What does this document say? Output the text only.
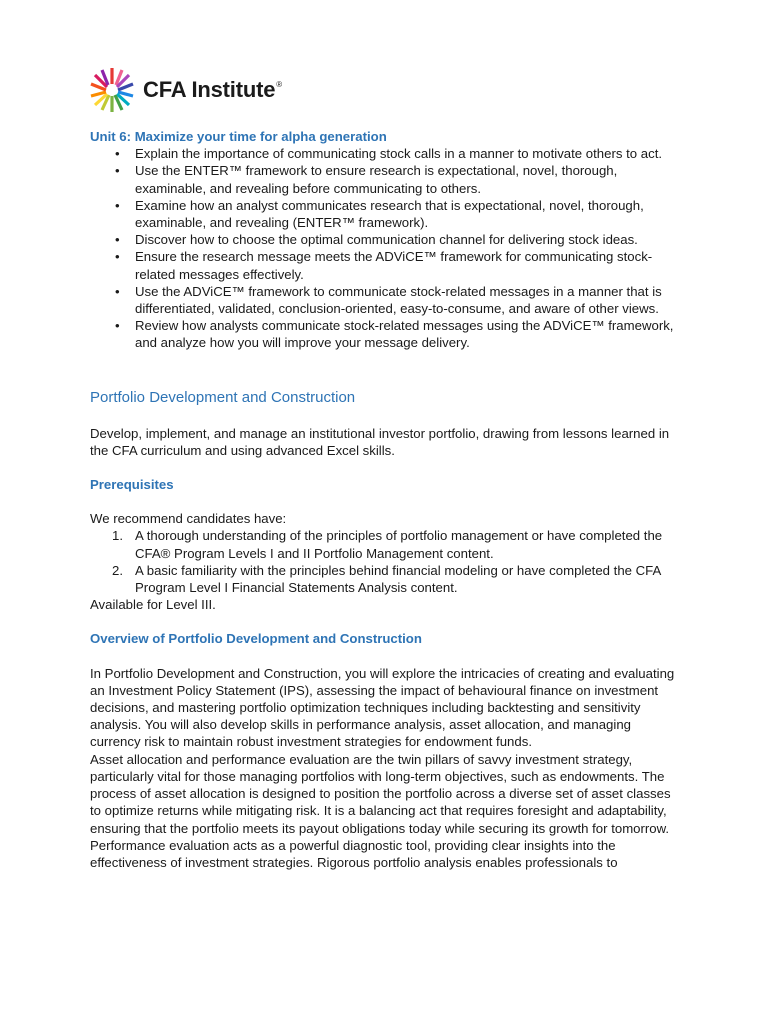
CFA Institute®

Unit 6: Maximize your time for alpha generation

• Explain the importance of communicating stock calls in a manner to motivate others to act.
• Use the ENTER™ framework to ensure research is expectational, novel, thorough, examinable, and revealing before communicating to others.
• Examine how an analyst communicates research that is expectational, novel, thorough, examinable, and revealing (ENTER™ framework).
• Discover how to choose the optimal communication channel for delivering stock ideas.
• Ensure the research message meets the ADViCE™ framework for communicating stock-related messages effectively.
• Use the ADViCE™ framework to communicate stock-related messages in a manner that is differentiated, validated, conclusion-oriented, easy-to-consume, and aware of other views.
• Review how analysts communicate stock-related messages using the ADViCE™ framework, and analyze how you will improve your message delivery.
Portfolio Development and Construction

Develop, implement, and manage an institutional investor portfolio, drawing from lessons learned in the CFA curriculum and using advanced Excel skills.

Prerequisites

We recommend candidates have:

1. A thorough understanding of the principles of portfolio management or have completed the CFA® Program Levels I and II Portfolio Management content.
2. A basic familiarity with the principles behind financial modeling or have completed the CFA Program Level I Financial Statements Analysis content.

Available for Level III.

Overview of Portfolio Development and Construction

In Portfolio Development and Construction, you will explore the intricacies of creating and evaluating an Investment Policy Statement (IPS), assessing the impact of behavioural finance on investment decisions, and mastering portfolio optimization techniques including backtesting and sensitivity analysis. You will also develop skills in performance analysis, asset allocation, and managing currency risk to maintain robust investment strategies for endowment funds.

Asset allocation and performance evaluation are the twin pillars of savvy investment strategy, particularly vital for those managing portfolios with long-term objectives, such as endowments. The process of asset allocation is designed to position the portfolio across a diverse set of asset classes to optimize returns while mitigating risk. It is a balancing act that requires foresight and adaptability, ensuring that the portfolio meets its payout obligations today while securing its growth for tomorrow.

Performance evaluation acts as a powerful diagnostic tool, providing clear insights into the effectiveness of investment strategies. Rigorous portfolio analysis enables professionals to
